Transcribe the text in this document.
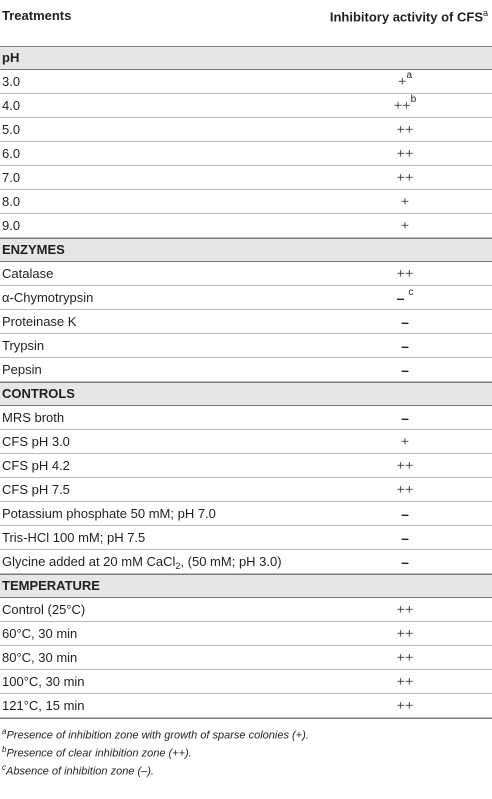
Treatments	Inhibitory activity of CFS$^a$
pH
3.0	+$^a$
4.0	++$^b$
5.0	++
6.0	++
7.0	++
8.0	+
9.0	+
ENZYMES
Catalase	++
α-Chymotrypsin	– $^c$
Proteinase K	–
Trypsin	–
Pepsin	–
CONTROLS
MRS broth	–
CFS pH 3.0	+
CFS pH 4.2	++
CFS pH 7.5	++
Potassium phosphate 50 mM; pH 7.0	–
Tris-HCl 100 mM; pH 7.5	–
Glycine added at 20 mM CaCl$_2$, (50 mM; pH 3.0)	–
TEMPERATURE
Control (25°C)	++
60°C, 30 min	++
80°C, 30 min	++
100°C, 30 min	++
121°C, 15 min	++
$^a$Presence of inhibition zone with growth of sparse colonies (+).
$^b$Presence of clear inhibition zone (++).
$^c$Absence of inhibition zone (–).
